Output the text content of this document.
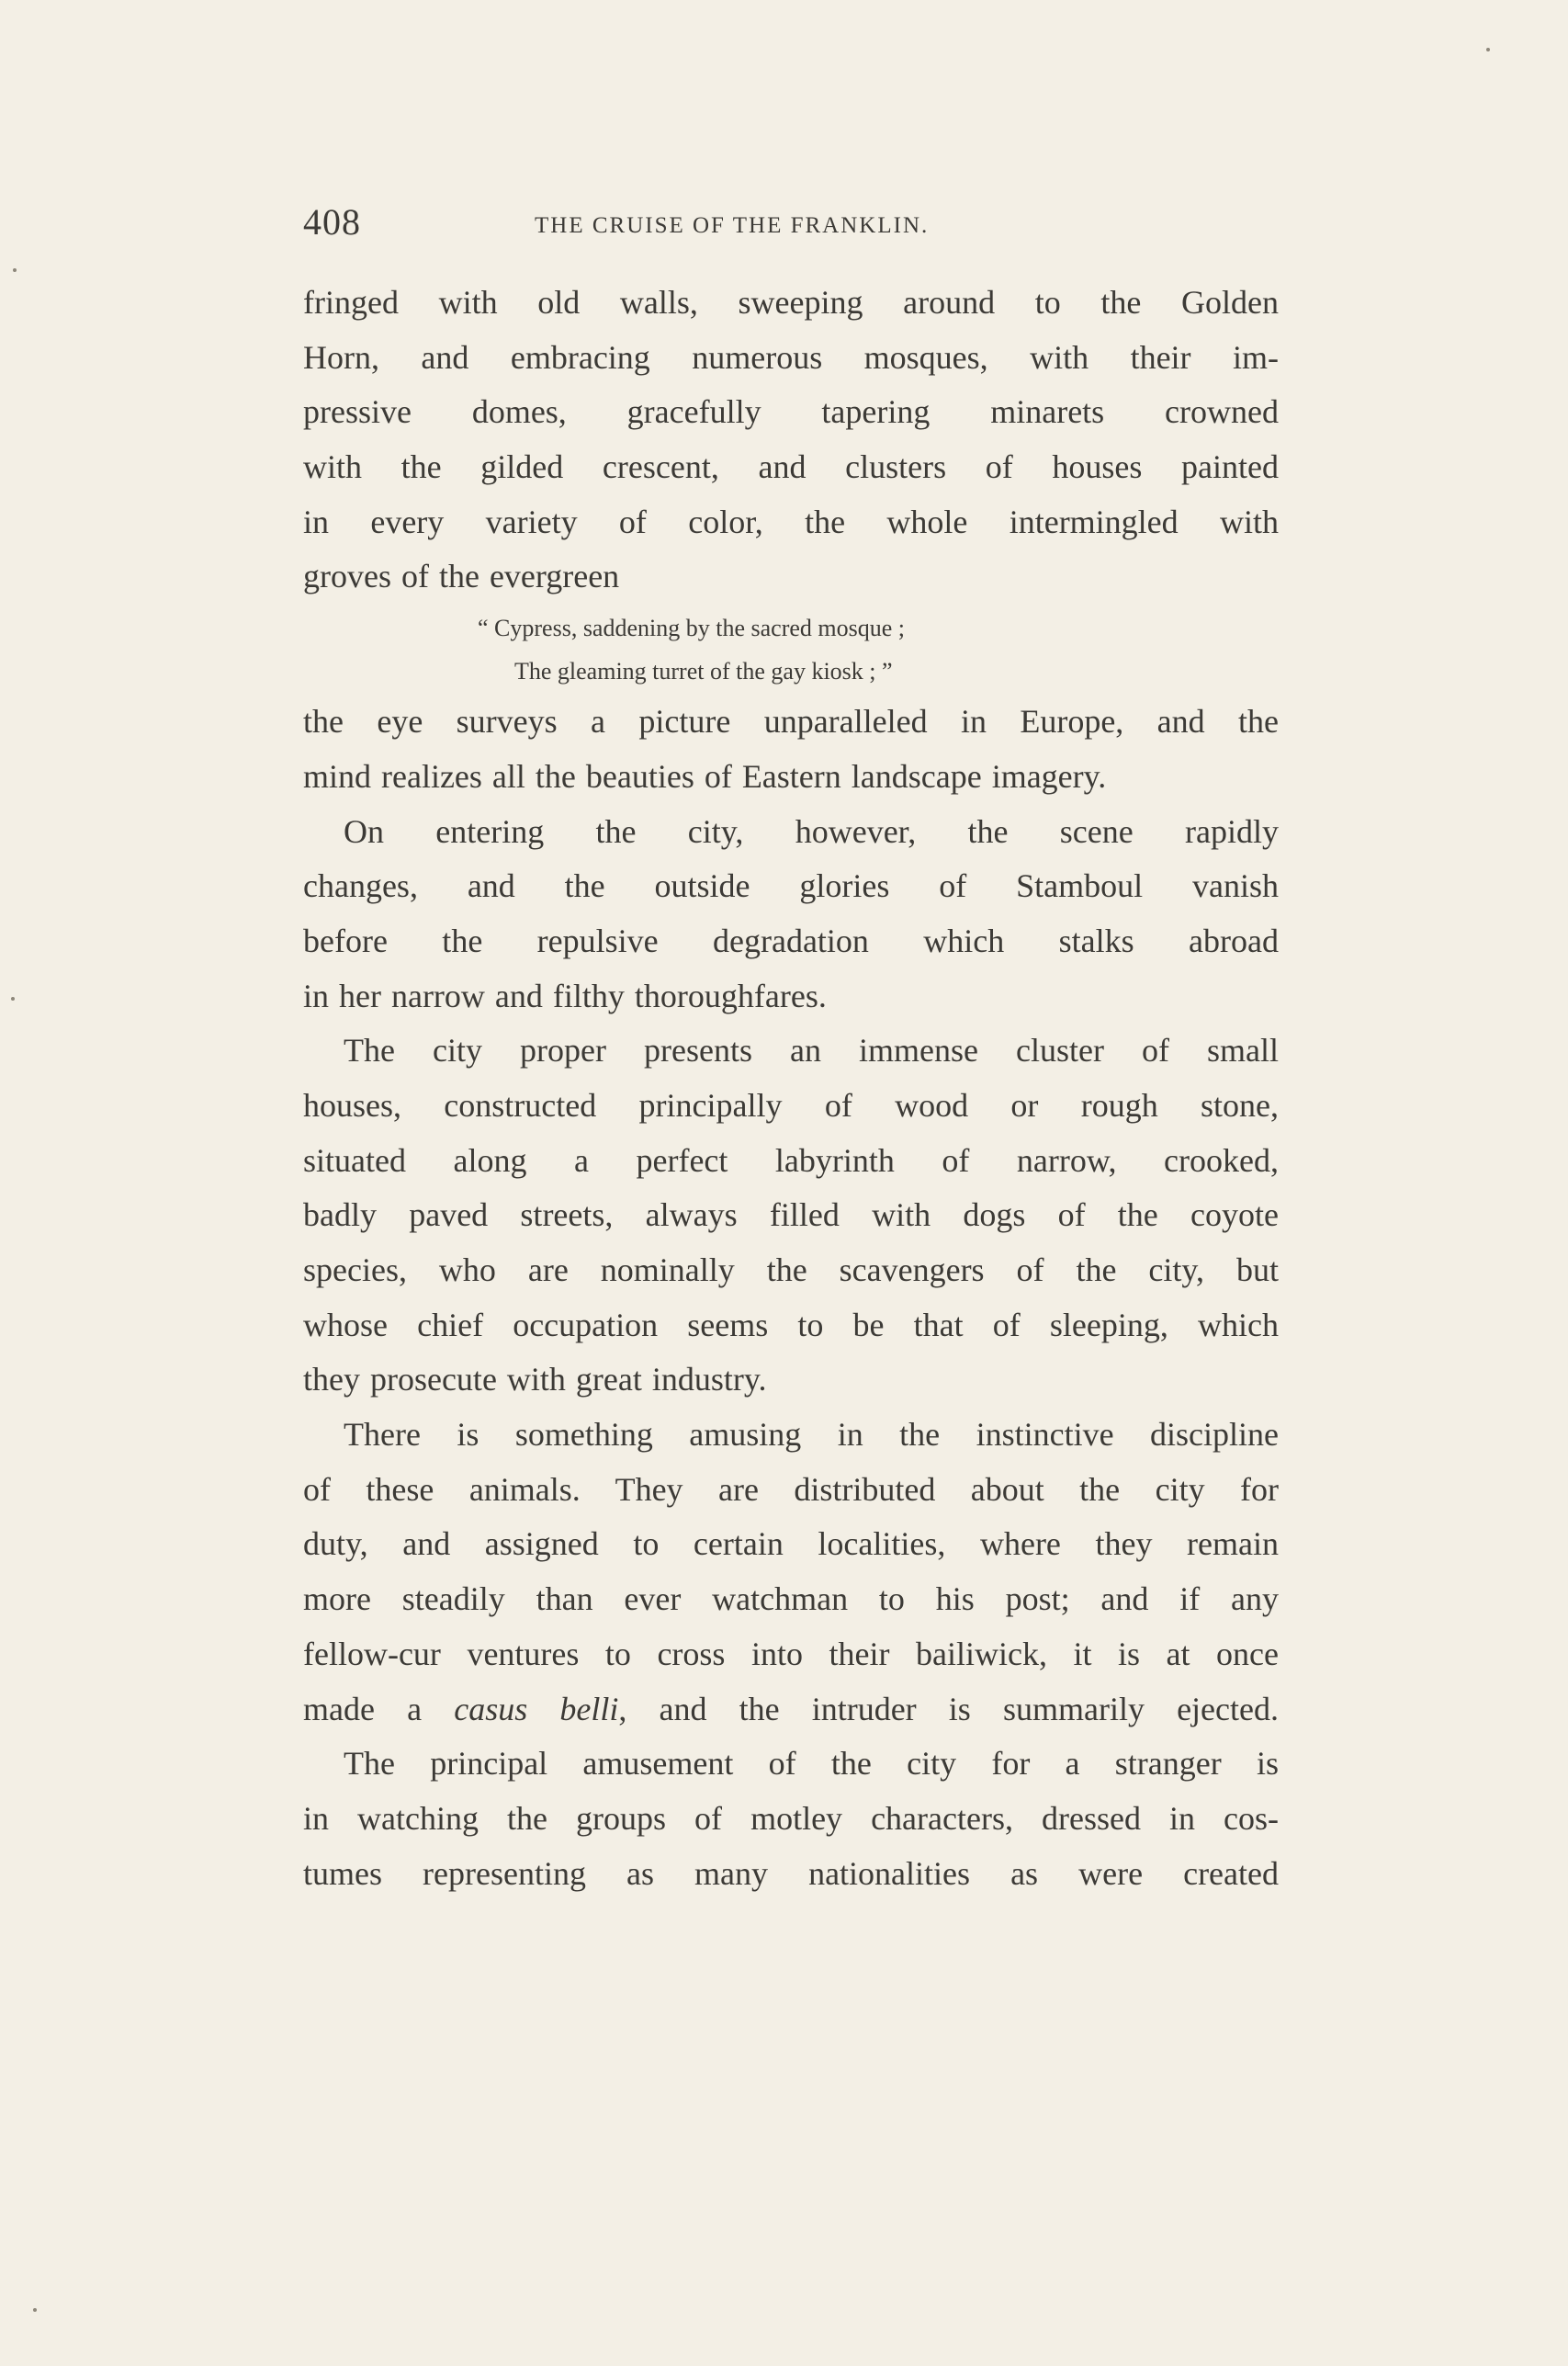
408	THE CRUISE OF THE FRANKLIN.
fringed with old walls, sweeping around to the Golden
Horn, and embracing numerous mosques, with their im-
pressive domes, gracefully tapering minarets crowned
with the gilded crescent, and clusters of houses painted
in every variety of color, the whole intermingled with
groves of the evergreen
“ Cypress, saddening by the sacred mosque ;
The gleaming turret of the gay kiosk ; ”
the eye surveys a picture unparalleled in Europe, and the
mind realizes all the beauties of Eastern landscape imagery.
On entering the city, however, the scene rapidly
changes, and the outside glories of Stamboul vanish
before the repulsive degradation which stalks abroad
in her narrow and filthy thoroughfares.
The city proper presents an immense cluster of small
houses, constructed principally of wood or rough stone,
situated along a perfect labyrinth of narrow, crooked,
badly paved streets, always filled with dogs of the coyote
species, who are nominally the scavengers of the city, but
whose chief occupation seems to be that of sleeping, which
they prosecute with great industry.
There is something amusing in the instinctive discipline
of these animals. They are distributed about the city for
duty, and assigned to certain localities, where they remain
more steadily than ever watchman to his post; and if any
fellow-cur ventures to cross into their bailiwick, it is at once
made a casus belli, and the intruder is summarily ejected.
The principal amusement of the city for a stranger is
in watching the groups of motley characters, dressed in cos-
tumes representing as many nationalities as were created
